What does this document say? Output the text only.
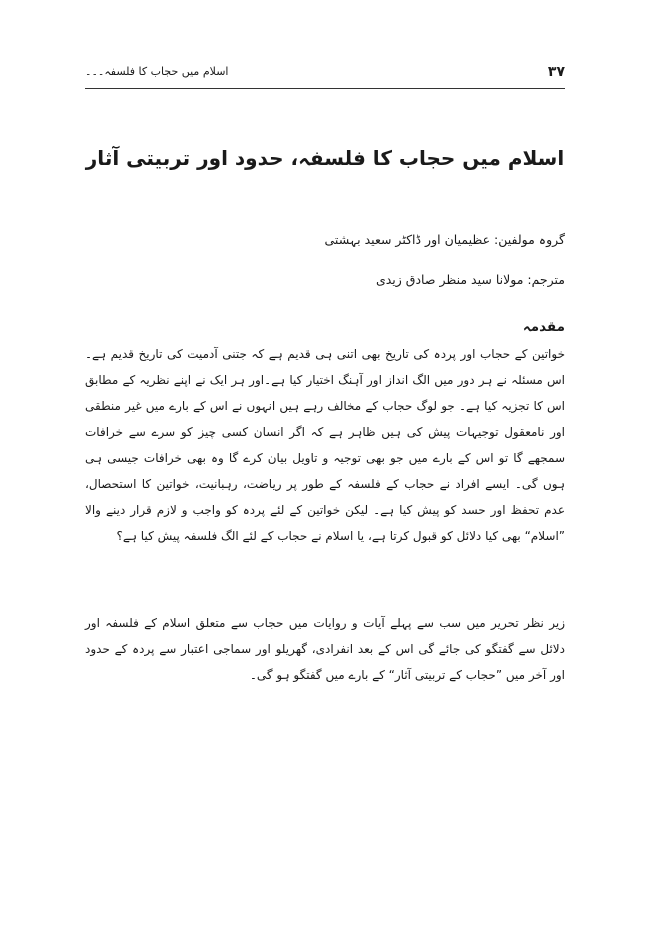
٣٧
اسلام میں حجاب کا فلسفہ۔۔۔
اسلام میں حجاب کا فلسفہ، حدود اور تربیتی آثار
گروہ مولفین: عظیمیان اور ڈاکٹر سعید بہشتی
مترجم: مولانا سید منظر صادق زیدی
مقدمہ

خواتین کے حجاب اور پردہ کی تاریخ بھی اتنی ہی قدیم ہے کہ جتنی آدمیت کی تاریخ قدیم ہے۔ اس مسئلہ نے ہر دور میں الگ انداز اور آہنگ اختیار کیا ہے۔اور ہر ایک نے اپنے نظریہ کے مطابق اس کا تجزیہ کیا ہے۔ جو لوگ حجاب کے مخالف رہے ہیں انہوں نے اس کے بارے میں غیر منطقی اور نامعقول توجیہات پیش کی ہیں ظاہر ہے کہ اگر انسان کسی چیز کو سرے سے خرافات سمجھے گا تو اس کے بارے میں جو بھی توجیہ و تاویل بیان کرے گا وہ بھی خرافات جیسی ہی ہوں گی۔ ایسے افراد نے حجاب کے فلسفہ کے طور پر ریاضت، رہبانیت، خواتین کا استحصال، عدم تحفظ اور حسد کو پیش کیا ہے۔ لیکن خواتین کے لئے پردہ کو واجب و لازم قرار دینے والا ”اسلام“ بھی کیا دلائل کو قبول کرتا ہے، یا اسلام نے حجاب کے لئے الگ فلسفہ پیش کیا ہے؟

زیر نظر تحریر میں سب سے پہلے آیات و روایات میں حجاب سے متعلق اسلام کے فلسفہ اور دلائل سے گفتگو کی جائے گی اس کے بعد انفرادی، گھریلو اور سماجی اعتبار سے پردہ کے حدود اور آخر میں ”حجاب کے تربیتی آثار“ کے بارے میں گفتگو ہو گی۔
